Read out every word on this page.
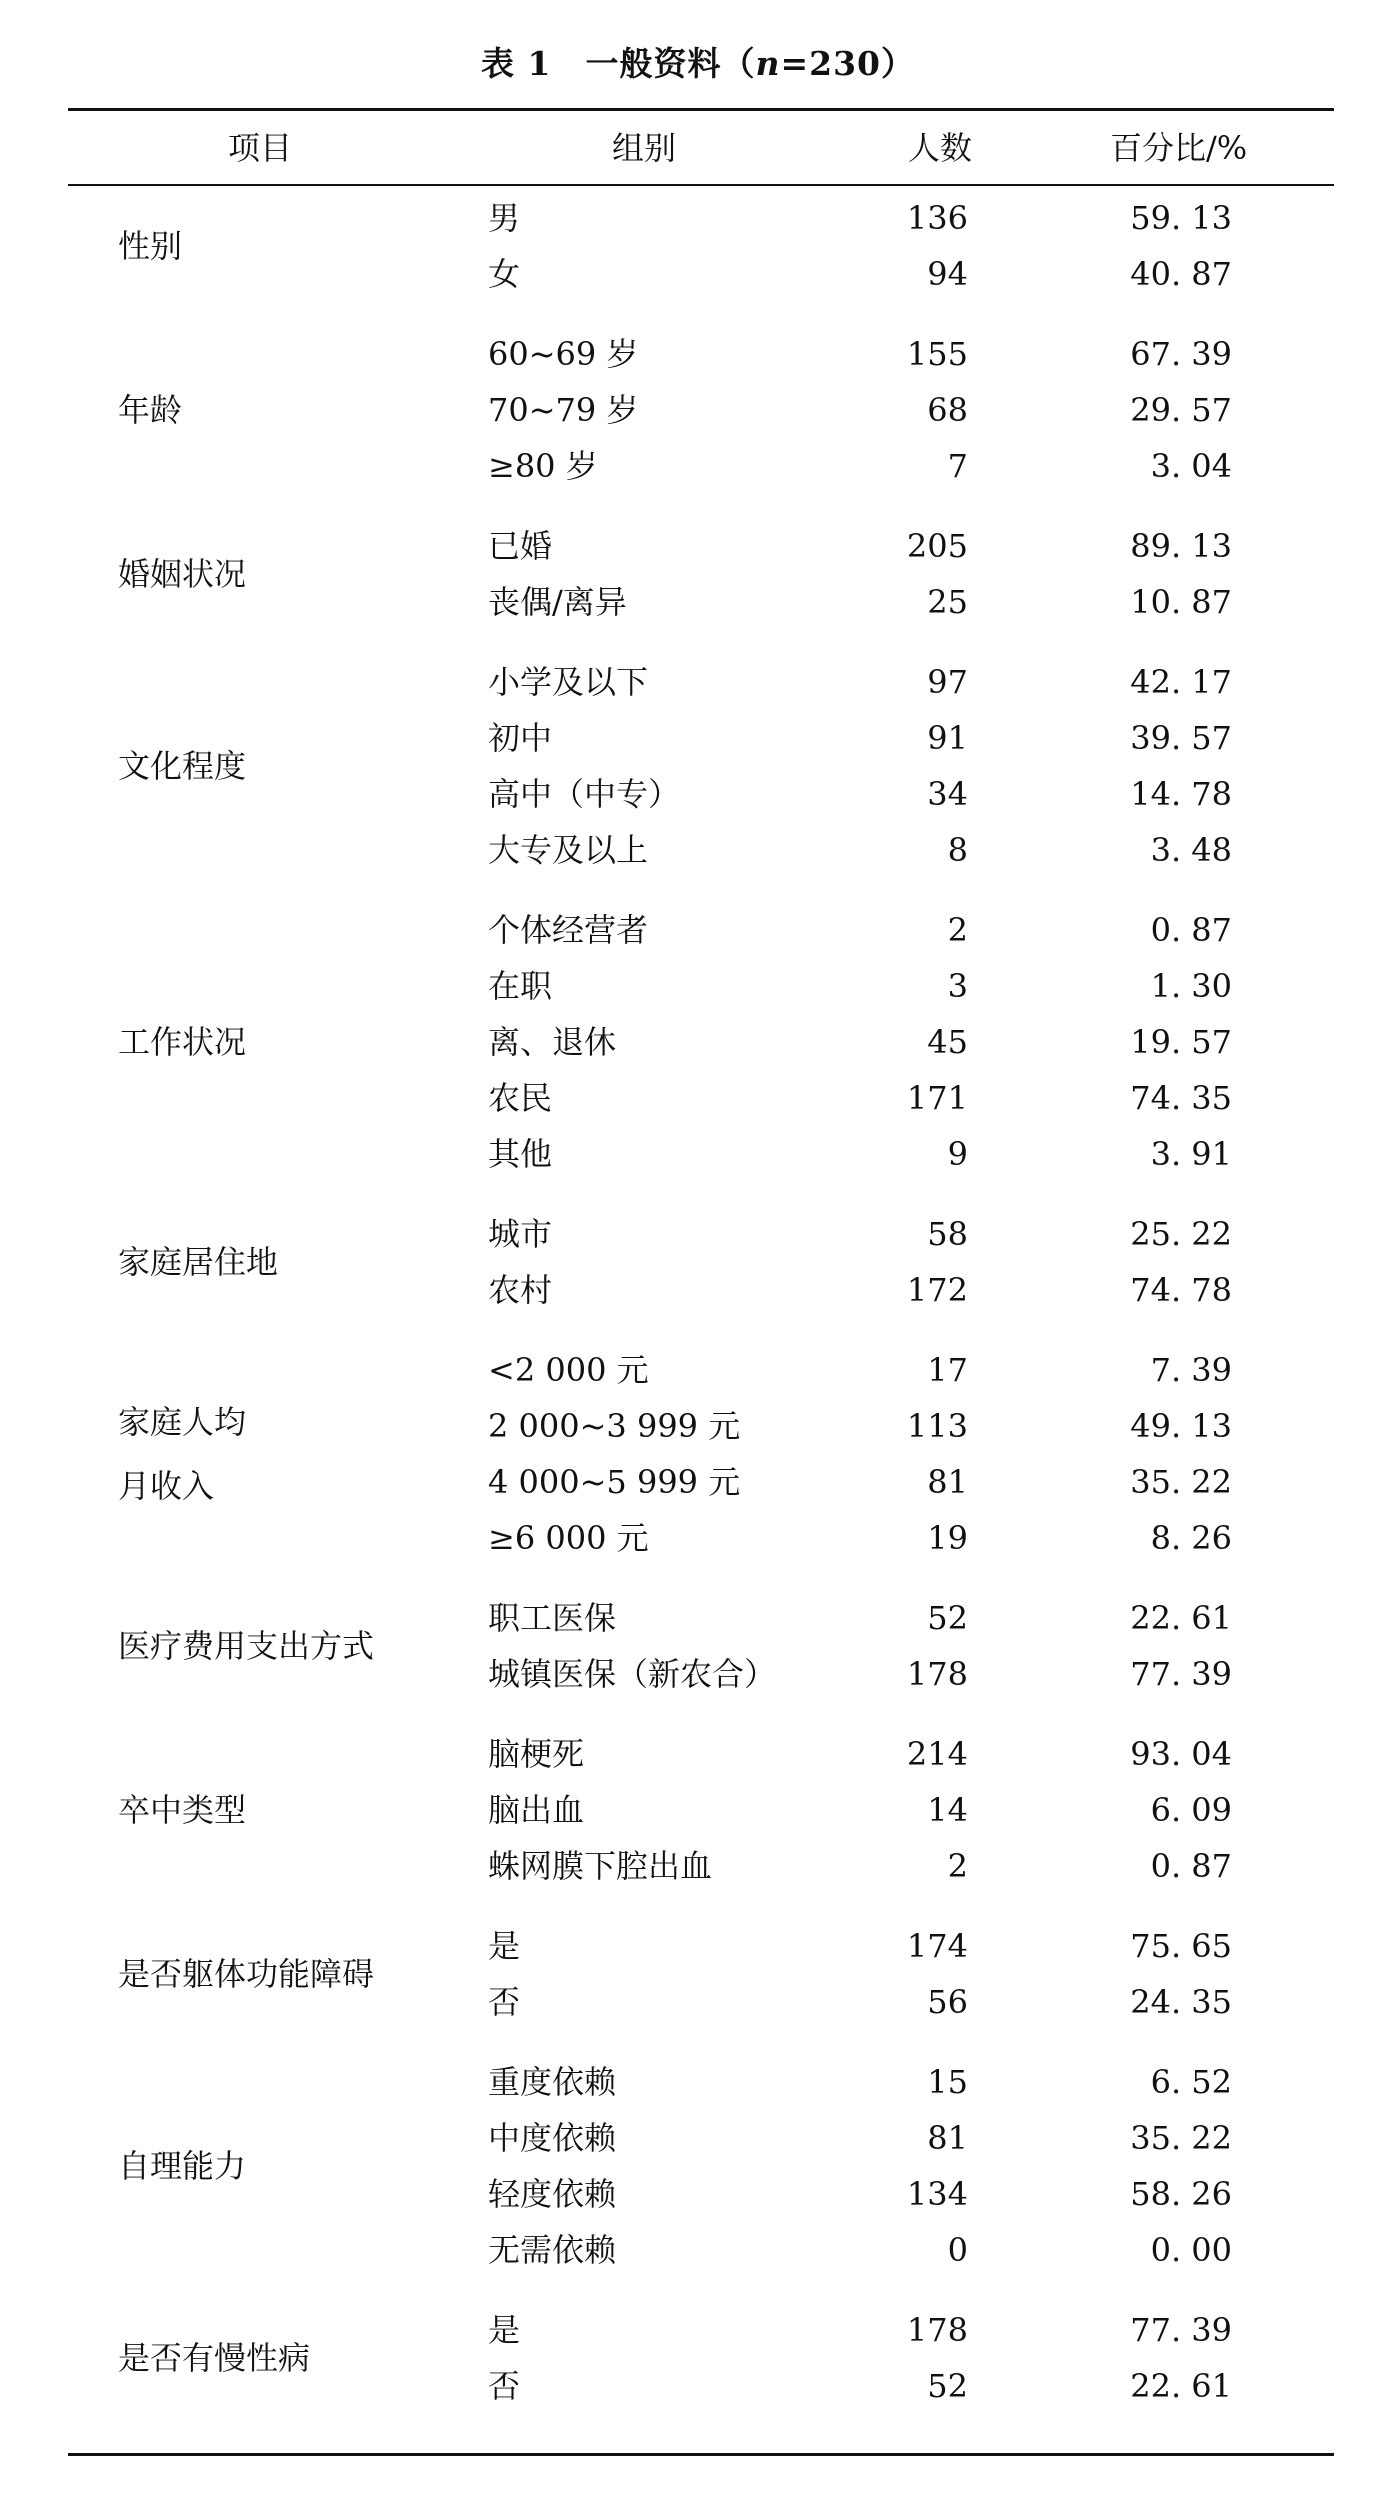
表 1　一般资料（n=230）
项目	组别	人数	百分比/%
性别
男	136	59. 13
女	94	40. 87
年龄
60~69 岁	155	67. 39
70~79 岁	68	29. 57
≥80 岁	7	3. 04
婚姻状况
已婚	205	89. 13
丧偶/离异	25	10. 87
文化程度
小学及以下	97	42. 17
初中	91	39. 57
高中（中专）	34	14. 78
大专及以上	8	3. 48
工作状况
个体经营者	2	0. 87
在职	3	1. 30
离、退休	45	19. 57
农民	171	74. 35
其他	9	3. 91
家庭居住地
城市	58	25. 22
农村	172	74. 78
家庭人均
月收入
<2 000 元	17	7. 39
2 000~3 999 元	113	49. 13
4 000~5 999 元	81	35. 22
≥6 000 元	19	8. 26
医疗费用支出方式
职工医保	52	22. 61
城镇医保（新农合）	178	77. 39
卒中类型
脑梗死	214	93. 04
脑出血	14	6. 09
蛛网膜下腔出血	2	0. 87
是否躯体功能障碍
是	174	75. 65
否	56	24. 35
自理能力
重度依赖	15	6. 52
中度依赖	81	35. 22
轻度依赖	134	58. 26
无需依赖	0	0. 00
是否有慢性病
是	178	77. 39
否	52	22. 61
